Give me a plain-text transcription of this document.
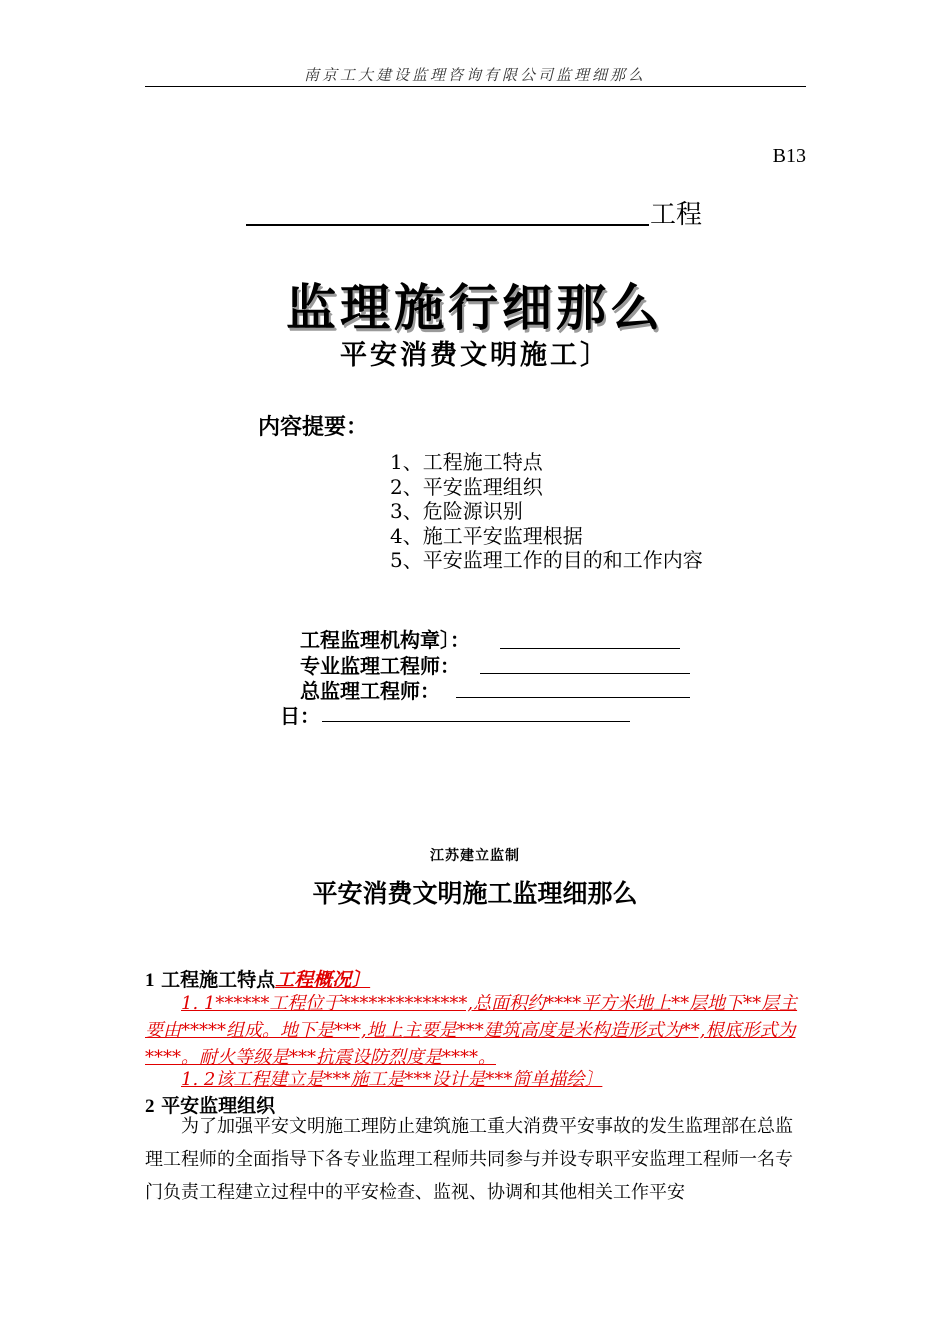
南京工大建设监理咨询有限公司监理细那么
B13
工程
监理施行细那么
平安消费文明施工〕
内容提要：
1、工程施工特点
2、平安监理组织
3、危险源识别
4、施工平安监理根据
5、平安监理工作的目的和工作内容
工程监理机构章〕：
专业监理工程师：
总监理工程师：
日：
江苏建立监制
平安消费文明施工监理细那么
1 工程施工特点工程概况〕
1. 1******工程位于**************,总面积约****平方米地上**层地下**层主要由*****组成。地下是***,地上主要是***建筑高度是米构造形式为**,根底形式为****。耐火等级是***抗震设防烈度是****。
1. 2该工程建立是***施工是***设计是***简单描绘〕
2 平安监理组织
为了加强平安文明施工理防止建筑施工重大消费平安事故的发生监理部在总监理工程师的全面指导下各专业监理工程师共同参与并设专职平安监理工程师一名专门负责工程建立过程中的平安检查、监视、协调和其他相关工作平安
